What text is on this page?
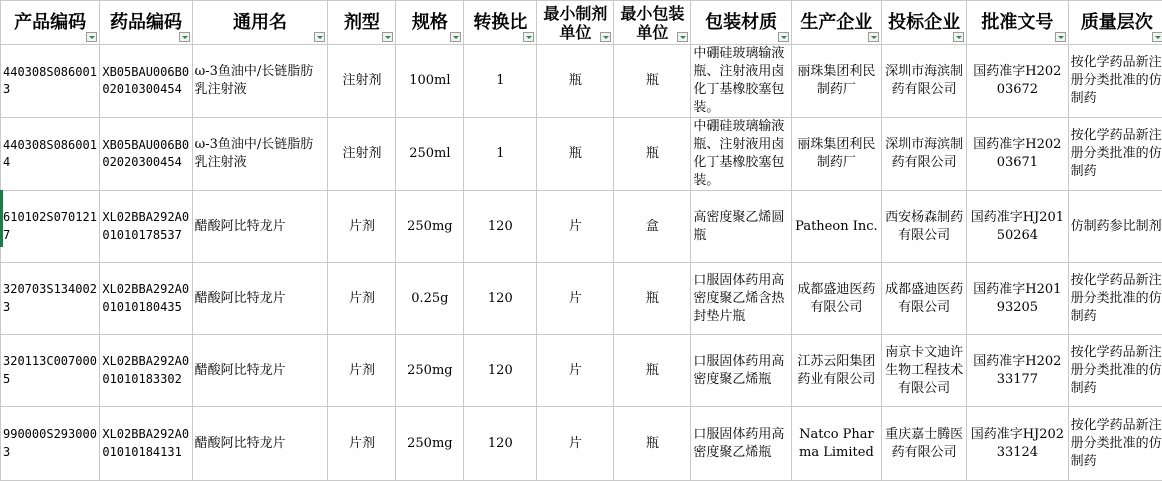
产品编码	药品编码	通用名	剂型	规格	转换比	最小制剂单位	最小包装单位	包装材质	生产企业	投标企业	批准文号	质量层次

440308S0860013	XB05BAU006B002010300454	ω-3鱼油中/长链脂肪乳注射液	注射剂	100ml	1	瓶	瓶	中硼硅玻璃输液瓶、注射液用卤化丁基橡胶塞包装。	丽珠集团利民制药厂	深圳市海滨制药有限公司	国药准字H20203672	按化学药品新注册分类批准的仿制药
440308S0860014	XB05BAU006B002020300454	ω-3鱼油中/长链脂肪乳注射液	注射剂	250ml	1	瓶	瓶	中硼硅玻璃输液瓶、注射液用卤化丁基橡胶塞包装。	丽珠集团利民制药厂	深圳市海滨制药有限公司	国药准字H20203671	按化学药品新注册分类批准的仿制药
610102S0701217	XL02BBA292A001010178537	醋酸阿比特龙片	片剂	250mg	120	片	盒	高密度聚乙烯圆瓶	Patheon Inc.	西安杨森制药有限公司	国药准字HJ20150264	仿制药参比制剂
320703S1340023	XL02BBA292A001010180435	醋酸阿比特龙片	片剂	0.25g	120	片	瓶	口服固体药用高密度聚乙烯含热封垫片瓶	成都盛迪医药有限公司	成都盛迪医药有限公司	国药准字H20193205	按化学药品新注册分类批准的仿制药
320113C0070005	XL02BBA292A001010183302	醋酸阿比特龙片	片剂	250mg	120	片	瓶	口服固体药用高密度聚乙烯瓶	江苏云阳集团药业有限公司	南京卡文迪许生物工程技术有限公司	国药准字H20233177	按化学药品新注册分类批准的仿制药
990000S2930003	XL02BBA292A001010184131	醋酸阿比特龙片	片剂	250mg	120	片	瓶	口服固体药用高密度聚乙烯瓶	Natco Pharma Limited	重庆嘉士腾医药有限公司	国药准字HJ20233124	按化学药品新注册分类批准的仿制药
